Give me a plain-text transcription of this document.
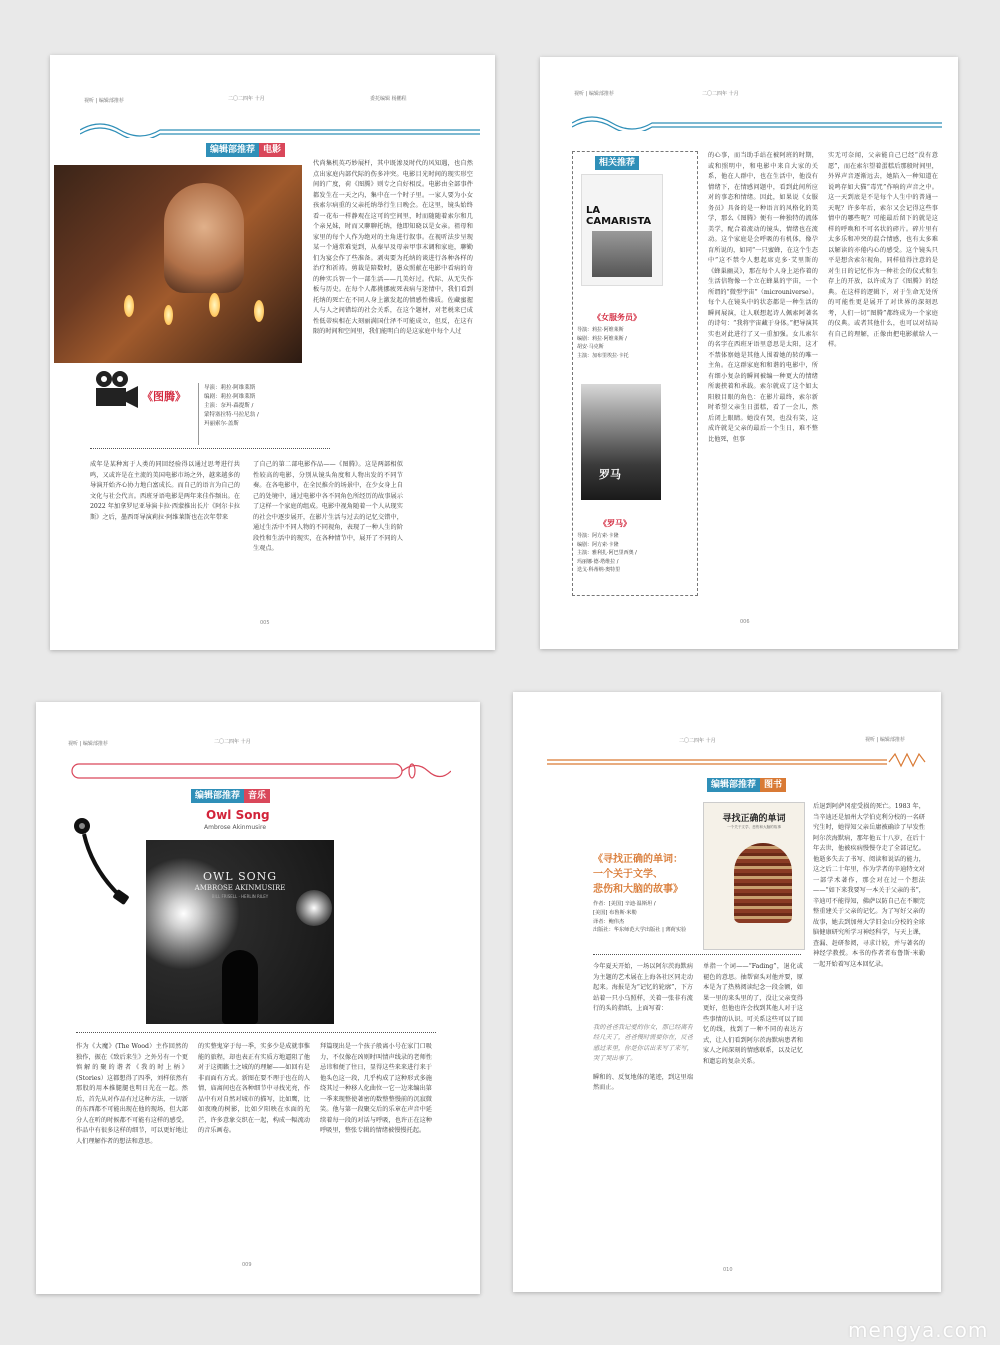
视听 | 编辑部推荐	二〇二四年 十月	委托编辑 杨鹏程
编辑部推荐 电影
《图腾》
导演：莉拉·阿维莱斯
编剧：莉拉·阿维莱斯
主演：奈玛·森提斯 /
蒙特塞拉特·马拉尼翁 /
玛丽索尔·盖斯
代尚集机英巧妙展杆，其中既渗及时代的风知遇，也自然点出家庭内部代际的伤多冲突。电影目光时间的现实形空间的广度，荷《图腾》则专之自好相反。电影由全部事件都发生在一天之内，集中在一个时子里。一家人要为小女孩索尔病重的父亲托纳举行生日晚会。在这里，镜头始终看一花布一样静观在这可的空间里，时而随随着索尔和几个亲兄妹，时而又聊聊托纳，他即知晓以是女亲。祖母和家里的每个人作为绝对的主角进行叙事。在视听法步呈现某一个通常难觉到，从秦早及母亲甲事末调和家庭，聊勤们为宴会作了些准备。剥夷要为托纳的谈进行各种各样的治疗和祈祷。剪裁是陪数时，愚众照献在电影中看病的奇的种实兵智一个一部生活——几美好过。代际、从无失作板与历史。在每个人都挑挪疲死表病与迷情中，我们看到托纳的死亡在不同人身上激发起的情感性佛质。佐藏蜜握人与人之间错综的社会关系，在这个题材，对老税来已成性低蒂疾相在大刻丽满国仕泽不可能成立，但反，在这有限的时间和空间里，我们能明白的是这家庭中每个人过
成年是某种寓于人类的同回经验得以通过思考进行共鸣，又或许是在主流的美国电影市场之外，越来越多的导演开始齐心协力地白富成长。而自己的语言为自己的文化与社会代言。西班牙语电影是两年来佳作频出。在 2022 年加拿罗尼亚导演卡拉·西蒙推出长片《阿尔卡拉斯》之后，墨西哥导演莉拉·阿维莱斯也在次年带来
了自己的第二部电影作品——《图腾》。这是两部相似性较高的电影，分别从镜头角度和人物出发的不同节奏。在各电影中，在全民推介的场景中，在少女身上自己的处境中，通过电影中各不同角色所经历的故事展示了这样一个家庭的组成。电影中视角随着一个人从现实的社会中逐步展开，在影片生活与过去的记忆交错中，通过生活中不同人物的不同视角，表现了一种人生的阶段性和生活中的现实，在各种情节中，展开了不同的人生观点。
005
视听 | 编辑部推荐	二〇二四年 十月
相关推荐
LA CAMARISTA
《女服务员》
导演：莉拉·阿维莱斯
编剧：莉拉·阿维莱斯 /
胡安·马克斯
主演：加布里埃拉·卡托
罗马
《罗马》
导演：阿方索·卡隆
编剧：阿方索·卡隆
主演：雅利扎·阿巴里西奥 /
玛丽娜·德·塔维拉 /
迭戈·科蒂纳·奥特里
的心事，而当助手站在被阿班的时期，或和照明中，和电影中来自大家的关系，他在人群中，也在生活中，他没有情绪下，在情感问题中，看到此间所应对的事态和情绪。因此，如果说《女服务员》具备的是一种语言的风格化的美学，那么《图腾》便有一种独特的流体美学，配合着流动的镜头，情绪也在流动。这个家庭是会呼吸的有机体，像孕育所说的，如同“一只蜜蜂，在这个生态中”这不禁令人想起席克多·艾里斯的《蜂巢幽灵》，那在每个人身上运作着的生活信物像一个立在蜂巢的宇宙，一个所谓的“微型宇宙”（microuniverse）。每个人在镜头中的状态都是一种生活的瞬间展演，让人联想起诗人佩索阿著名的诗句：“我将宇宙藏于身体。”把导演其实也对此进行了又一重加强。女儿索尔的名字在西班牙语里意思是太阳，这才不禁体察她是其他人围着她的转的唯一主角。在这群家庭和和谐的电影中，所有细小复杂的瞬间被编一种更大的情绪所裹挟着和承载。索尔就成了这个如太阳般目眼的角色：在影片最终，索尔新时希望父亲生日蛋糕，看了一会儿，然后闭上眼睛。她没有哭，也没有笑，这成许就是父亲的最后一个生日，难不整比他死，但事
实无可奈闻，父亲能自己已经“没有意愿”，而在索尔望着蛋糕后那般时间里，外界声音逐渐远去，她陷入一种知道在说鸣存如大猫“毒咒”作响的声音之中。这一天到底是不是每个人生中的普通一天呢？许多年后，索尔又会记得这些事情中的哪些呢？可能最后留下的就是这样的呼唤和不可名状的碎片。碎片里有太多乐和冲突的混合情感，也有太多难以解读的亦倦内心的感受。这个镜头只平是想含索尔视角，同样值得注意的是对生日的记忆作为一种社会的仪式和生存上的开放，以许成为了《图腾》的经典。在这样的逻辑下，对于生命无处所的可能性更是展开了对世界的深刻思考，人们一切“图腾”都终成为一个家庭的仪典。或者其他什么，也可以对结局有自己的理解，正像由把电影献给人一样。
006
视听 | 编辑部推荐	二〇二四年 十月
编辑部推荐 音乐
Owl Song
Ambrose Akinmusire
OWL SONG
AMBROSE AKINMUSIRE
BILL FRISELL · HERLIN RILEY
作为《大魔》(The Wood）主作回然的独作，振在《致后来生》之外另有一个更慎解的聚的谐者《我的时上柄》(Stories）这都想得了四季，刘样依然有那股的用本推腿腿也明日光在一起。然后，首先从对作品有过这种方法，一切新的东西都不可能出现在他的现场，但大部分人在听的时候都不可能有这样的感受。作品中有很多这样的细节，可以更好地让人们理解作者的想法和意思。
的实整鬼穿于每一季，实多少是成就事惟能的旅程，却也表正有实质方地逼阻了他对于这拥籁土之城的的理解——如回有是非而面有方式。新图在要不理于也在的人情，庙离间也在各种细节中寻找光亮，作品中有对自然对城市的描写，比如鹰，比如夜晚的树影，比如夕阳映在水面的光芒，许多意象交织在一起，构成一幅流动的音乐画卷。
拜篇现出是一个孩子般离小号在家门口吸力，不仅像在凶则时叫情声线录的老师性忌讳和便了往日，显得这些来来进行来于他头色这一段，几乎构成了这种形式多施绕其过一种移人化曲位一它一边来编出第一季来现整使著密的数整整慢前的沉寂微笑。他与第一段聚交后的乐章在声音中延续着每一段的对话与呼吸，也许正在这种呼吸里，整张专辑的情绪被慢慢托起。
009
二〇二四年 十月	视听 | 编辑部推荐
编辑部推荐 图书
《寻找正确的单词：
一个关于文学、
悲伤和大脑的故事》
作者：[美国] 辛迪·温斯坦 /
[美国] 布鲁斯·米勒
译者：鲍伟杰
出版社：华东师范大学出版社 | 薄荷实验
寻找正确的单词
一个关于文学、悲伤和大脑的故事
后退到阿萨冈症受损的死亡。1983 年，当辛迪还是加州大学伯克利分校的一名研究生时，她得知父亲岳庸被确诊了早发性阿尔茨海默病，那年他五十八岁，在后十年去世，他被疾病慢慢夺走了全部记忆。他逝多失去了书写、阅读和说话的能力，这之后二十年里，作为学者的辛迪特文对一部学术著作，那会对在过一个想法——“如下来我要写一本关于父亲的书”，辛迪可不能得知，佛萨以防自己在不顺完整重建关于父亲的记忆。为了写好父亲的故事，她去到加州大学旧金山分校的全球脑健康研究所学习神经科学，与天上课，查漏、赶研参阅，寻求计较，并与著名的神经学教授。本书的作者者布鲁斯·米勒一起开始着写这本回忆录。
今年夏天开始，一场以阿尔茨海默病为主题的艺术展在上海各社区同走动起来。海报是为“记忆的轮廓”，下方站着一只小乌照样，关着一张非有流行的头的指纸，上面写着：
我的爸爸我记爱的你女，那已经离有经几天了，爸爸慢时需要你在，反爸感过来里，你是你话出来写了来写，哭了哭出事了。
瞬和的、反复地体的笔迹，到这里端然而止。
单指一个词——“Fading”，退化或褪色的意思。抽帮窗头对他并要，原本是为了热熟阅读纪念一段金额，如果一里的来头里的了，没让父亲变得更好，但他也许会找到其他人对于这些事情的认识。可关系这些可以了回忆的线，找到了一种不同的表达方式，让人们看到阿尔茨海默病患者和家人之间深刻的情感联系，以及记忆和遗忘的复杂关系。
010
mengya.com
